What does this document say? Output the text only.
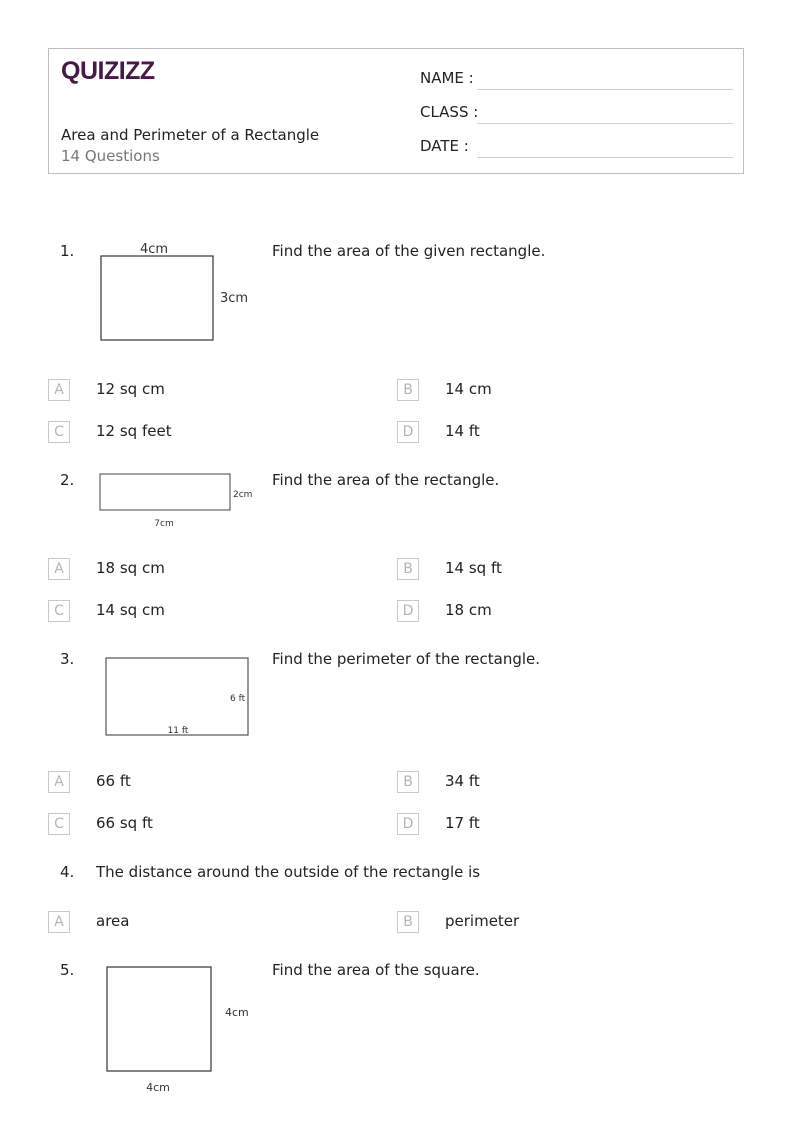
QUIZIZZ
Area and Perimeter of a Rectangle
14 Questions
NAME :
CLASS :
DATE :
1.	4cm
3cm
Find the area of the given rectangle.
A	12 sq cm	B	14 cm
C	12 sq feet	D	14 ft
2.
2cm
7cm
Find the area of the rectangle.
A	18 sq cm	B	14 sq ft
C	14 sq cm	D	18 cm
3.
6 ft
11 ft
Find the perimeter of the rectangle.
A	66 ft	B	34 ft
C	66 sq ft	D	17 ft
4. The distance around the outside of the rectangle is
A	area	B	perimeter
5.
4cm
4cm
Find the area of the square.
